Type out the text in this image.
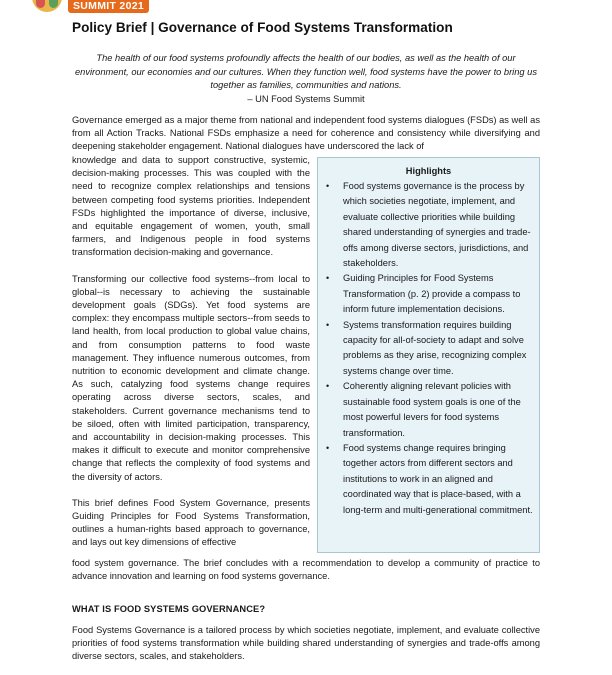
SUMMIT 2021
Policy Brief | Governance of Food Systems Transformation
The health of our food systems profoundly affects the health of our bodies, as well as the health of our environment, our economies and our cultures. When they function well, food systems have the power to bring us together as families, communities and nations.
– UN Food Systems Summit

Governance emerged as a major theme from national and independent food systems dialogues (FSDs) as well as from all Action Tracks. National FSDs emphasize a need for coherence and consistency while diversifying and deepening stakeholder engagement. National dialogues have underscored the lack of

knowledge and data to support constructive, systemic, decision-making processes. This was coupled with the need to recognize complex relationships and tensions between competing food systems priorities. Independent FSDs highlighted the importance of diverse, inclusive, and equitable engagement of women, youth, small farmers, and Indigenous people in food systems transformation decision-making and governance.

Transforming our collective food systems--from local to global--is necessary to achieving the sustainable development goals (SDGs). Yet food systems are complex: they encompass multiple sectors--from seeds to land health, from local production to global value chains, and from consumption patterns to food waste management. They influence numerous outcomes, from nutrition to economic development and climate change. As such, catalyzing food systems change requires operating across diverse sectors, scales, and stakeholders. Current governance mechanisms tend to be siloed, often with limited participation, transparency, and accountability in decision-making processes. This makes it difficult to execute and monitor comprehensive change that reflects the complexity of food systems and the diversity of actors.

This brief defines Food System Governance, presents Guiding Principles for Food Systems Transformation, outlines a human-rights based approach to governance, and lays out key dimensions of effective

food system governance. The brief concludes with a recommendation to develop a community of practice to advance innovation and learning on food systems governance.

WHAT IS FOOD SYSTEMS GOVERNANCE?

Food Systems Governance is a tailored process by which societies negotiate, implement, and evaluate collective priorities of food systems transformation while building shared understanding of synergies and trade-offs among diverse sectors, scales, and stakeholders.

Highlights
• Food systems governance is the process by which societies negotiate, implement, and evaluate collective priorities while building shared understanding of synergies and trade-offs among diverse sectors, jurisdictions, and stakeholders.
• Guiding Principles for Food Systems Transformation (p. 2) provide a compass to inform future implementation decisions.
• Systems transformation requires building capacity for all-of-society to adapt and solve problems as they arise, recognizing complex systems change over time.
• Coherently aligning relevant policies with sustainable food system goals is one of the most powerful levers for food systems transformation.
• Food systems change requires bringing together actors from different sectors and institutions to work in an aligned and coordinated way that is place-based, with a long-term and multi-generational commitment.
